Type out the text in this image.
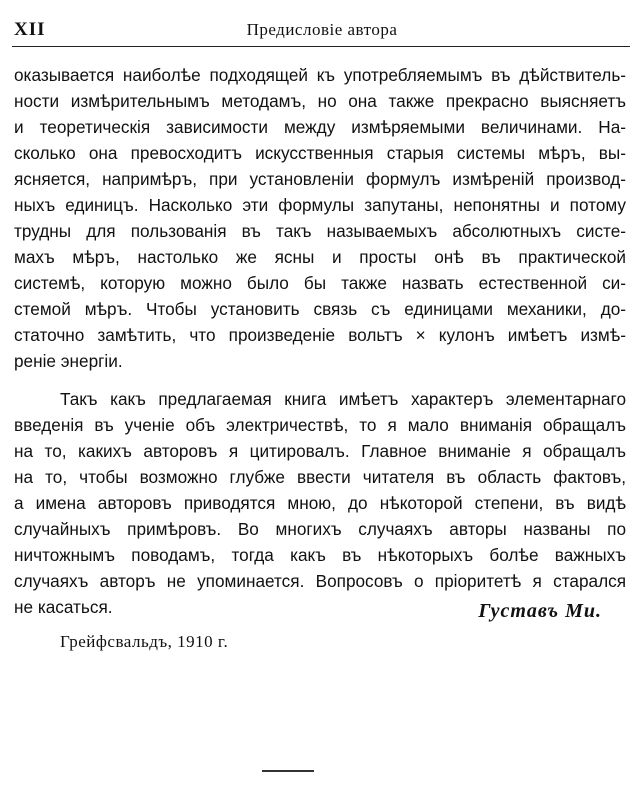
XII	Предисловiе автора
оказывается наиболѣе подходящей къ употребляемымъ въ дѣйствитель-
ности измѣрительнымъ методамъ, но она также прекрасно выясняетъ
и теоретическiя зависимости между измѣряемыми величинами. На-
сколько она превосходитъ искусственныя старыя системы мѣръ, вы-
ясняется, напримѣръ, при установленiи формулъ измѣренiй производ-
ныхъ единицъ. Насколько эти формулы запутаны, непонятны и потому
трудны для пользованiя въ такъ называемыхъ абсолютныхъ систе-
махъ мѣръ, настолько же ясны и просты онѣ въ практической
системѣ, которую можно было бы также назвать естественной си-
стемой мѣръ. Чтобы установить связь съ единицами механики, до-
статочно замѣтить, что произведенiе вольтъ × кулонъ имѣетъ измѣ-
ренiе энергiи.
Такъ какъ предлагаемая книга имѣетъ характеръ элементарнаго
введенiя въ ученiе объ электричествѣ, то я мало вниманiя обращалъ
на то, какихъ авторовъ я цитировалъ. Главное вниманiе я обращалъ
на то, чтобы возможно глубже ввести читателя въ область фактовъ,
а имена авторовъ приводятся мною, до нѣкоторой степени, въ видѣ
случайныхъ примѣровъ. Во многихъ случаяхъ авторы названы по
ничтожнымъ поводамъ, тогда какъ въ нѣкоторыхъ болѣе важныхъ
случаяхъ авторъ не упоминается. Вопросовъ о прiоритетѣ я старался
не касаться.	Густавъ Ми.
Грейфсвальдъ, 1910 г.
